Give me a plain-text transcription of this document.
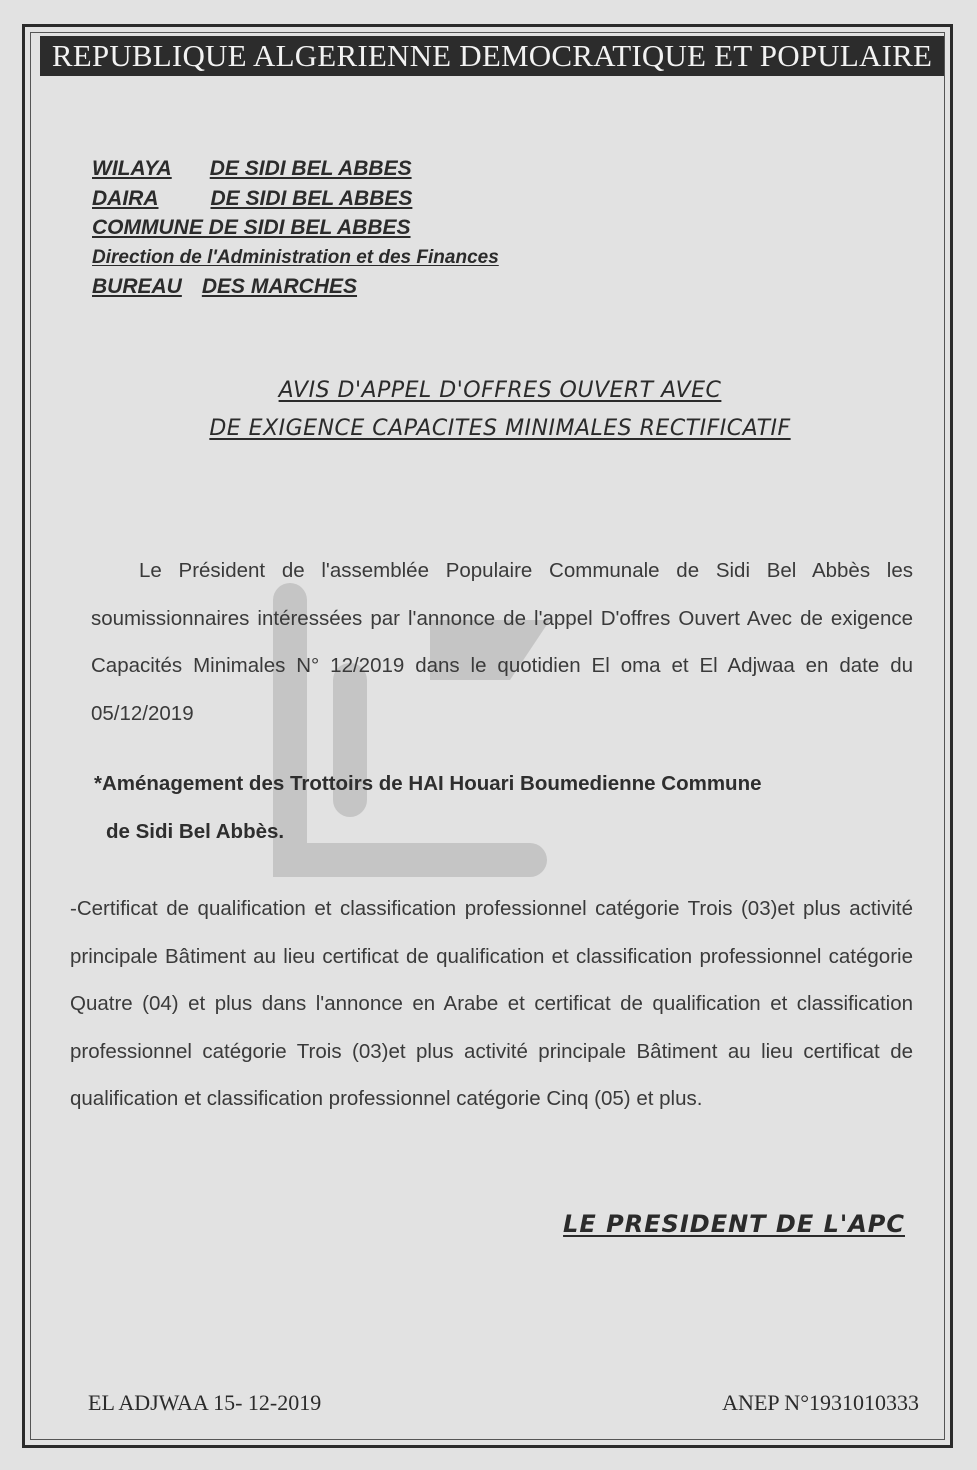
REPUBLIQUE ALGERIENNE DEMOCRATIQUE ET POPULAIRE
WILAYA DE SIDI BEL ABBES
DAIRA DE SIDI BEL ABBES
COMMUNE DE SIDI BEL ABBES
Direction de l'Administration et des Finances
BUREAU DES MARCHES
AVIS D'APPEL D'OFFRES OUVERT AVEC
DE EXIGENCE CAPACITES MINIMALES RECTIFICATIF
Le Président de l'assemblée Populaire Communale de Sidi Bel Abbès les soumissionnaires intéressées par l'annonce de l'appel D'offres Ouvert Avec de exigence Capacités Minimales N° 12/2019 dans le quotidien El oma et El Adjwaa en date du 05/12/2019
*Aménagement des Trottoirs de HAI Houari Boumedienne Commune
de Sidi Bel Abbès.
-Certificat de qualification et classification professionnel catégorie Trois (03)et plus activité principale Bâtiment au lieu certificat de qualification et classification professionnel catégorie Quatre (04) et plus dans l'annonce en Arabe et certificat de qualification et classification professionnel catégorie Trois (03)et plus activité principale Bâtiment au lieu certificat de qualification et classification professionnel catégorie Cinq (05) et plus.
LE PRESIDENT DE L'APC
EL ADJWAA 15- 12-2019	ANEP N°1931010333
